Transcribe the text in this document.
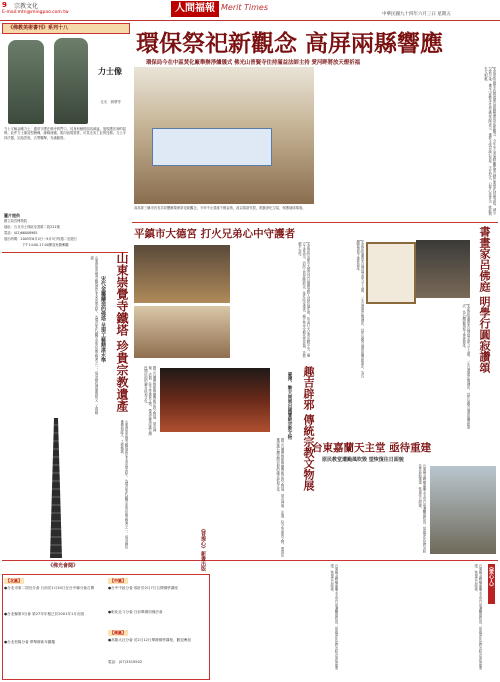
9 宗教文化
E-mail:mtn@mingpao.com.tw	人間福報 Merit Times
中華民國九十四年六月三日 星期五
《佛教美術書刊》系列十八
力士像
北宋．劉瓚等
力士又稱金剛力士，通常守護在佛寺的門口，其身形魁梧面容威猛，展現護法神的氣勢。此件力士像造型簡練，線條流暢，肌肉表現寫實，可見北宋工匠的技藝。力士手持法器，足踏雲座，衣帶飄舉，充滿動感。
圖片提供
國立故宮博物院
地址：台北市士林區至善路二段221號
電話：(02)66008985
展出時間：2005年6月4日～9月3日每週二至週日
下午14:00-17:00開放免費參觀
環保祭祀新觀念 高屏兩縣響應
環保局今在中區焚化廠舉辦淨爐儀式 佛光山普賢寺住持滿益法師主持 愛河畔將放天燈祈福
高高屏三縣市首長共同響應環保祭祀新觀念，今年中元普渡不燒金紙，改以捐款代替，推動淨化空氣，保護地球環境。	[本報訊]高雄市政府環保局推動環保祭祀新觀念，今年中元普渡呼籲民眾以鮮花素果代替燒金紙，減少空氣污染。佛光山普賢寺住持滿益法師表示，佛教主張以誠心祭拜，不在形式，只要心存善念，就能與先人相應。
平鎮市大德宮 打火兄弟心中守護者
[本報訊]平鎮市大德宮近日舉辦消防人員祈福法會，祈求打火兄弟出勤平安。廟方主委表示，消防人員冒險救災，是社區守護者，廟方每年定期為其祈福，並致贈平安符。	書畫家呂佛庭 明學行圓寂讚頌
[本報訊]書畫家呂佛庭享壽九十五歲，一生以書畫弘揚佛法，其作品融合禪意與傳統筆法，為台灣藝壇留下珍貴資產。
[本報訊]書畫家呂佛庭享壽九十五歲，一生以書畫弘揚佛法，其作品融合禪意與傳統筆法，為台灣藝壇留下珍貴資產。
山東崇覺寺鐵塔 珍貴宗教遺產
宋代金屬鑄造的佛塔 呈現工藝精湛水準
山東濟寧崇覺寺鐵塔建於北宋崇寧四年，為現存宋代鐵塔中保存最完整者之一，塔身鑄有佛像與經文，工藝精湛。
山東濟寧崇覺寺鐵塔建於北宋崇寧四年，為現存宋代鐵塔中保存最完整者之一，塔身鑄有佛像與經文，工藝精湛。
國立台灣博物館舉辦傳統宗教文物展，展出神像、法器、符令等珍貴文物，帶領民眾認識台灣民間信仰的趣吉辟邪文化。	趣吉辟邪 傳統宗教文物展
臺博、擎天崗展出國寶級宗教文物
國立台灣博物館舉辦傳統宗教文物展，展出神像、法器、符令等珍貴文物，帶領民眾認識台灣民間信仰的趣吉辟邪文化。	台東嘉蘭天主堂 亟待重建
原民教堂遭颱風吹毀 望恢復往日面貌
台東縣金峰鄉嘉蘭天主堂日前遭颱風吹毀，當地原住民教友盼各界協助重建，恢復往日面貌。
《佛光會聞》	《菩提心》新書出版
《愛心人》
台東縣金峰鄉嘉蘭天主堂日前遭颱風吹毀，當地原住民教友盼各界協助重建，恢復往日面貌。	台東縣金峰鄉嘉蘭天主堂日前遭颱風吹毀，當地原住民教友盼各界協助重建，恢復往日面貌。
【北區】
●台北市第二屆長分會 日前於1月30日在台中縣分會召開
●台北縣第3分會 第27年年報已於2001年1月出版
●台北松隆分會 將舉辦新年圍爐
【中區】
●台中中區分會 預計於2月7日召開佛學講座
●彰化北斗分會 日前舉辦浴佛法會
【南區】
●高雄大社分會 於2月12日舉辦佛學講座，歡迎參加
電話：(07)3519502
